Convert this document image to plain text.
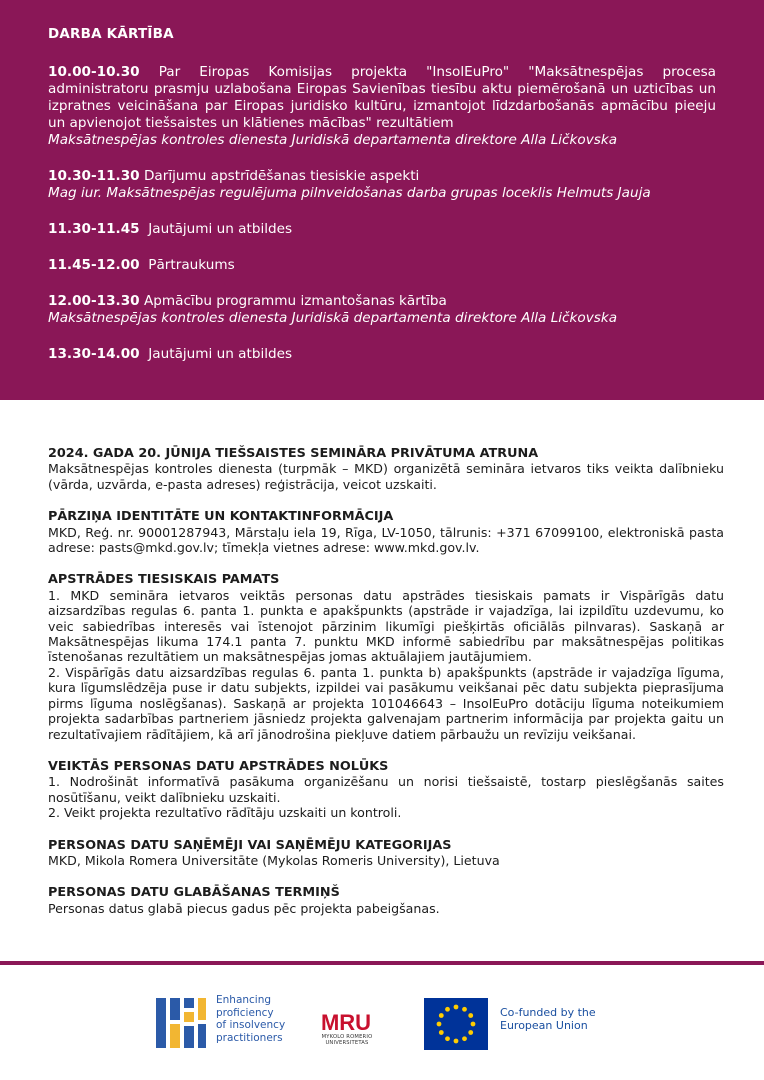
DARBA KĀRTĪBA
10.00-10.30 Par Eiropas Komisijas projekta "InsolEuPro" "Maksātnespējas procesa administratoru prasmju uzlabošana Eiropas Savienības tiesību aktu piemērošanā un uzticības un izpratnes veicināšana par Eiropas juridisko kultūru, izmantojot līdzdarbošanās apmācību pieeju un apvienojot tiešsaistes un klātienes mācības" rezultātiem
Maksātnespējas kontroles dienesta Juridiskā departamenta direktore Alla Ličkovska
10.30-11.30 Darījumu apstrīdēšanas tiesiskie aspekti
Mag iur. Maksātnespējas regulējuma pilnveidošanas darba grupas loceklis Helmuts Jauja
11.30-11.45  Jautājumi un atbildes
11.45-12.00  Pārtraukums
12.00-13.30 Apmācību programmu izmantošanas kārtība
Maksātnespējas kontroles dienesta Juridiskā departamenta direktore Alla Ličkovska
13.30-14.00  Jautājumi un atbildes
2024. GADA 20. JŪNIJA TIEŠSAISTES SEMINĀRA PRIVĀTUMA ATRUNA

Maksātnespējas kontroles dienesta (turpmāk – MKD) organizētā semināra ietvaros tiks veikta dalībnieku (vārda, uzvārda, e-pasta adreses) reģistrācija, veicot uzskaiti.

PĀRZIŅA IDENTITĀTE UN KONTAKTINFORMĀCIJA

MKD, Reģ. nr. 90001287943, Mārstaļu iela 19, Rīga, LV-1050, tālrunis: +371 67099100, elektroniskā pasta adrese: pasts@mkd.gov.lv; tīmekļa vietnes adrese: www.mkd.gov.lv.

APSTRĀDES TIESISKAIS PAMATS

1. MKD semināra ietvaros veiktās personas datu apstrādes tiesiskais pamats ir Vispārīgās datu aizsardzības regulas 6. panta 1. punkta e apakšpunkts (apstrāde ir vajadzīga, lai izpildītu uzdevumu, ko veic sabiedrības interesēs vai īstenojot pārzinim likumīgi piešķirtās oficiālās pilnvaras). Saskaņā ar Maksātnespējas likuma 174.1 panta 7. punktu MKD informē sabiedrību par maksātnespējas politikas īstenošanas rezultātiem un maksātnespējas jomas aktuālajiem jautājumiem.

2. Vispārīgās datu aizsardzības regulas 6. panta 1. punkta b) apakšpunkts (apstrāde ir vajadzīga līguma, kura līgumslēdzēja puse ir datu subjekts, izpildei vai pasākumu veikšanai pēc datu subjekta pieprasījuma pirms līguma noslēgšanas). Saskaņā ar projekta 101046643 – InsolEuPro dotāciju līguma noteikumiem projekta sadarbības partneriem jāsniedz projekta galvenajam partnerim informācija par projekta gaitu un rezultatīvajiem rādītājiem, kā arī jānodrošina piekļuve datiem pārbaužu un revīziju veikšanai.

VEIKTĀS PERSONAS DATU APSTRĀDES NOLŪKS

1. Nodrošināt informatīvā pasākuma organizēšanu un norisi tiešsaistē, tostarp pieslēgšanās saites nosūtīšanu, veikt dalībnieku uzskaiti.

2. Veikt projekta rezultatīvo rādītāju uzskaiti un kontroli.

PERSONAS DATU SAŅĒMĒJI VAI SAŅĒMĒJU KATEGORIJAS

MKD, Mikola Romera Universitāte (Mykolas Romeris University), Lietuva

PERSONAS DATU GLABĀŠANAS TERMIŅŠ

Personas datus glabā piecus gadus pēc projekta pabeigšanas.

Enhancing
proficiency
of insolvency
practitioners
MRU
MYKOLO ROMERIO UNIVERSITETAS
Co-funded by the
European Union
